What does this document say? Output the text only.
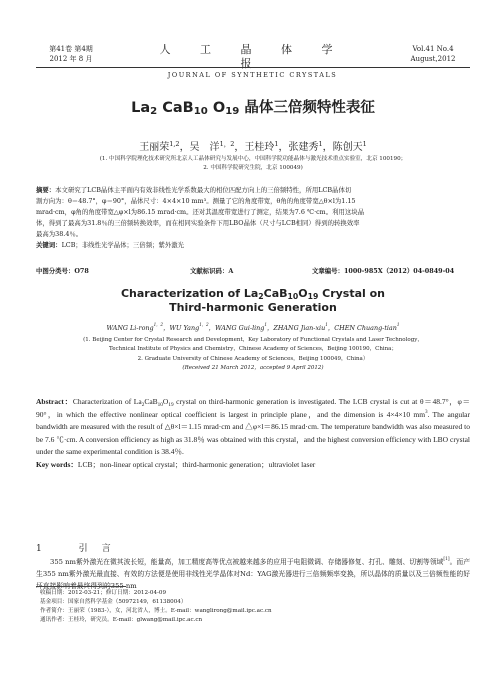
第41卷 第4期
2012 年 8 月
人 工 晶 体 学 报
JOURNAL OF SYNTHETIC CRYSTALS
Vol.41 No.4
August,2012
$La_2$ CaB$_{10}$ $O_{19}$ 晶体三倍频特性表征
王丽荣$^{1,2}$，吴　洋$^{1,2}$，王桂玲$^1$，张建秀$^1$，陈创天$^1$
(1. 中国科学院理化技术研究所北京人工晶体研究与发展中心，中国科学院功能晶体与激光技术重点实验室，北京 100190；
2. 中国科学院研究生院，北京 100049)
摘要：本文研究了LCB晶体主平面内有效非线性光学系数最大的相位匹配方向上的三倍频特性，所用LCB晶体切
割方向为：θ＝48.7°，φ＝90°，晶体尺寸：4×4×10 mm³。测量了它的角度带宽，θ角的角度带宽△θ×l为1.15
mrad·cm，φ角的角度带宽△φ×l为86.15 mrad·cm。还对其温度带宽进行了测定，结果为7.6 ℃·cm。利用这块晶
体，得到了最高为31.8％的三倍频转换效率，而在相同实验条件下用LBO晶体（尺寸与LCB相同）得到的转换效率
最高为38.4％。
关键词：LCB；非线性光学晶体；三倍频；紫外激光
中图分类号：O78	文献标识码：A	文章编号：1000-985X（2012）04-0849-04
Characterization of $La_2CaB_{10}O_{19}$ Crystal on
Third-harmonic Generation
WANG Li-rong$^{1,2}$，WU Yang$^{1,2}$，WANG Gui-ling$^1$，ZHANG Jian-xiu$^1$，CHEN Chuang-tian$^1$
(1. Beijing Center for Crystal Research and Development，Key Laboratory of Functional Crystals and Laser Technology，
Technical Institute of Physics and Chemistry，Chinese Academy of Sciences，Beijing 100190，China；
2. Graduate University of Chinese Academy of Sciences，Beijing 100049，China）
(Received 21 March 2012，accepted 9 April 2012)
Abstract：Characterization of $La_2CaB_{10}O_{19}$ crystal on third-harmonic generation is investigated. The LCB crystal is cut at θ＝48.7°，φ＝90°，in which the effective nonlinear optical coefficient is largest in principle plane，and the dimension is 4×4×10 $mm^3$. The angular bandwidth are measured with the result of △θ×l＝1.15 mrad·cm and △φ×l＝86.15 mrad·cm. The temperature bandwidth was also measured to be 7.6 ℃·cm. A conversion efficiency as high as 31.8％ was obtained with this crystal，and the highest conversion efficiency with LBO crystal under the same experimental condition is 38.4％.
Key words：LCB；non-linear optical crystal；third-harmonic generation；ultraviolet laser
1	引言
355 nm紫外激光在微其波长短，能量高，加工精度高等优点被越来越多的应用于电阻微调、存储器修复、打孔、雕刻、切割等领域[1]。而产生355 nm紫外激光最直接、有效的方法便是使用非线性光学晶体对Nd：YAG激光器进行三倍频频率变换，所以晶体的质量以及三倍频性能的好坏直接影响着最终得到的355 nm
收稿日期：2012-03-21；修订日期：2012-04-09
基金项目：国家自然科学基金（50972149，61138004）
作者简介：王丽荣（1983-），女，河北省人，博士。E-mail：wanglirong@mail.ipc.ac.cn
通讯作者：王桂玲，研究员。E-mail：glwang@mail.ipc.ac.cn
